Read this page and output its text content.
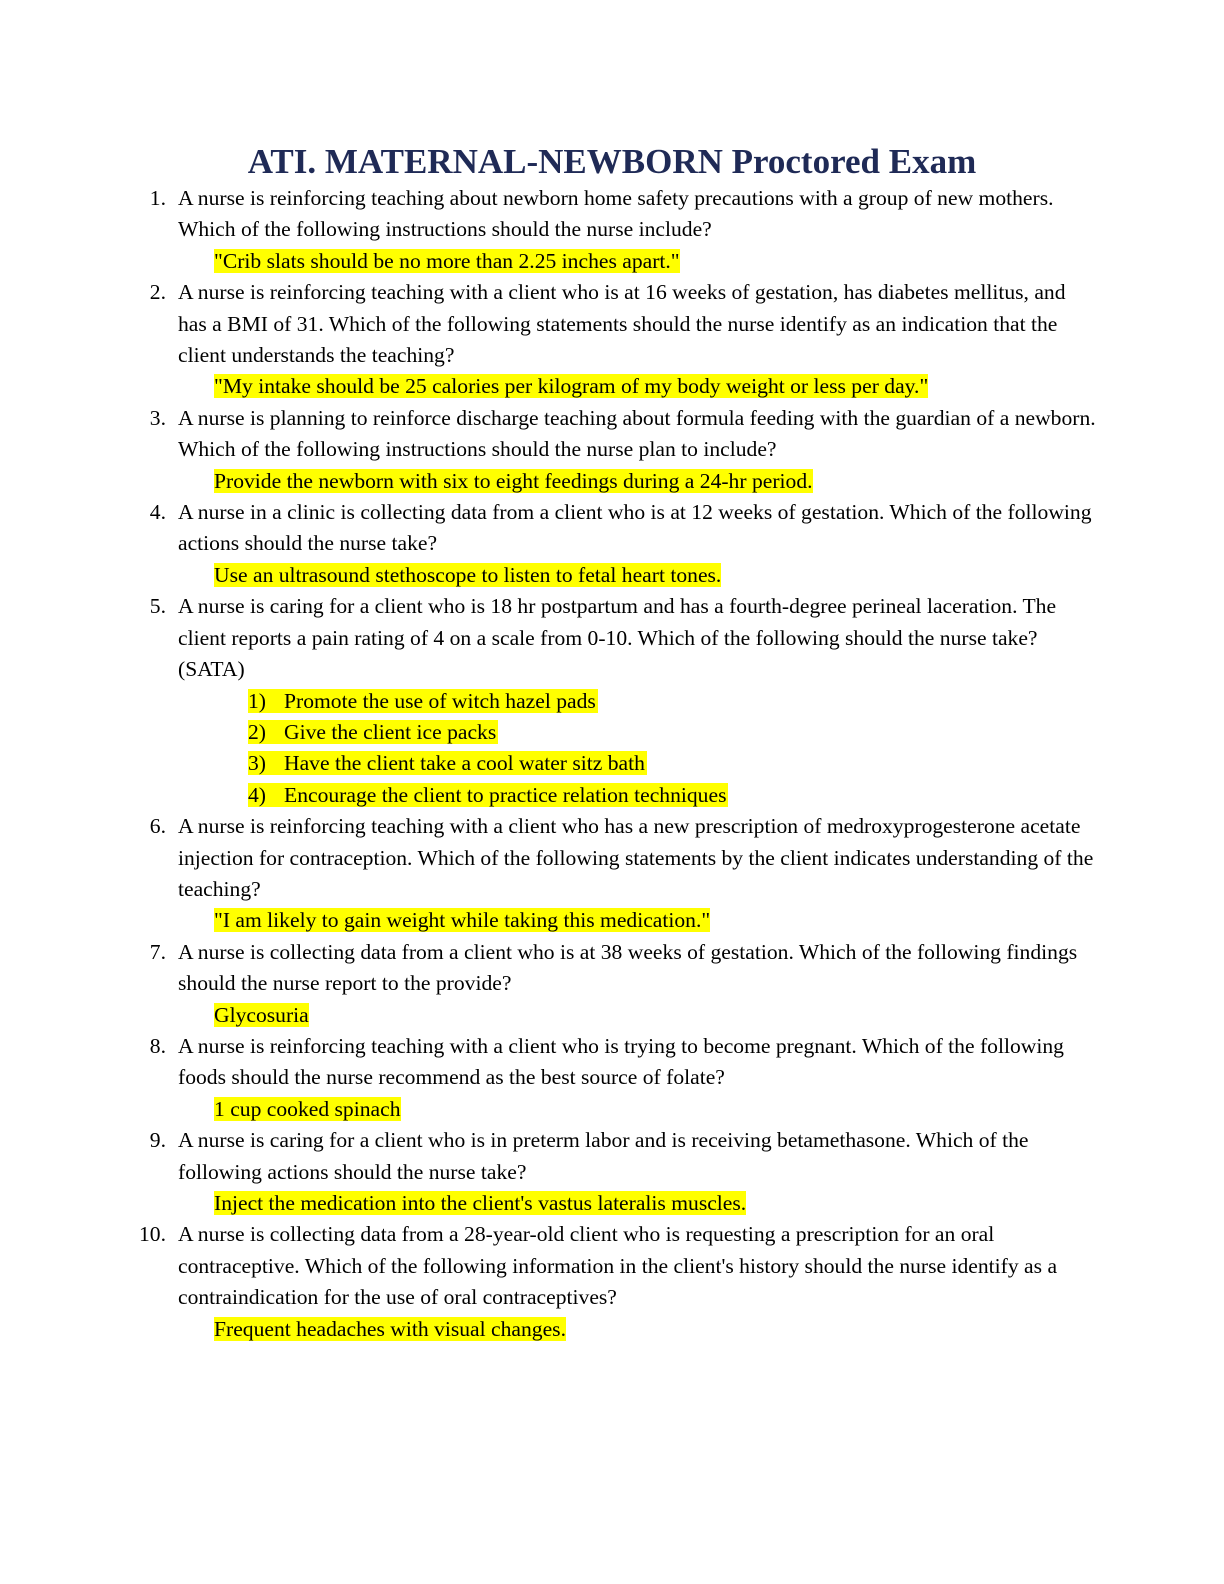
ATI. MATERNAL-NEWBORN Proctored Exam
1. A nurse is reinforcing teaching about newborn home safety precautions with a group of new mothers. Which of the following instructions should the nurse include?
"Crib slats should be no more than 2.25 inches apart."
2. A nurse is reinforcing teaching with a client who is at 16 weeks of gestation, has diabetes mellitus, and has a BMI of 31. Which of the following statements should the nurse identify as an indication that the client understands the teaching?
"My intake should be 25 calories per kilogram of my body weight or less per day."
3. A nurse is planning to reinforce discharge teaching about formula feeding with the guardian of a newborn. Which of the following instructions should the nurse plan to include?
Provide the newborn with six to eight feedings during a 24-hr period.
4. A nurse in a clinic is collecting data from a client who is at 12 weeks of gestation. Which of the following actions should the nurse take?
Use an ultrasound stethoscope to listen to fetal heart tones.
5. A nurse is caring for a client who is 18 hr postpartum and has a fourth-degree perineal laceration. The client reports a pain rating of 4 on a scale from 0-10. Which of the following should the nurse take? (SATA)
1) Promote the use of witch hazel pads
2) Give the client ice packs
3) Have the client take a cool water sitz bath
4) Encourage the client to practice relation techniques
6. A nurse is reinforcing teaching with a client who has a new prescription of medroxyprogesterone acetate injection for contraception. Which of the following statements by the client indicates understanding of the teaching?
"I am likely to gain weight while taking this medication."
7. A nurse is collecting data from a client who is at 38 weeks of gestation. Which of the following findings should the nurse report to the provide?
Glycosuria
8. A nurse is reinforcing teaching with a client who is trying to become pregnant. Which of the following foods should the nurse recommend as the best source of folate?
1 cup cooked spinach
9. A nurse is caring for a client who is in preterm labor and is receiving betamethasone. Which of the following actions should the nurse take?
Inject the medication into the client's vastus lateralis muscles.
10. A nurse is collecting data from a 28-year-old client who is requesting a prescription for an oral contraceptive. Which of the following information in the client's history should the nurse identify as a contraindication for the use of oral contraceptives?
Frequent headaches with visual changes.
